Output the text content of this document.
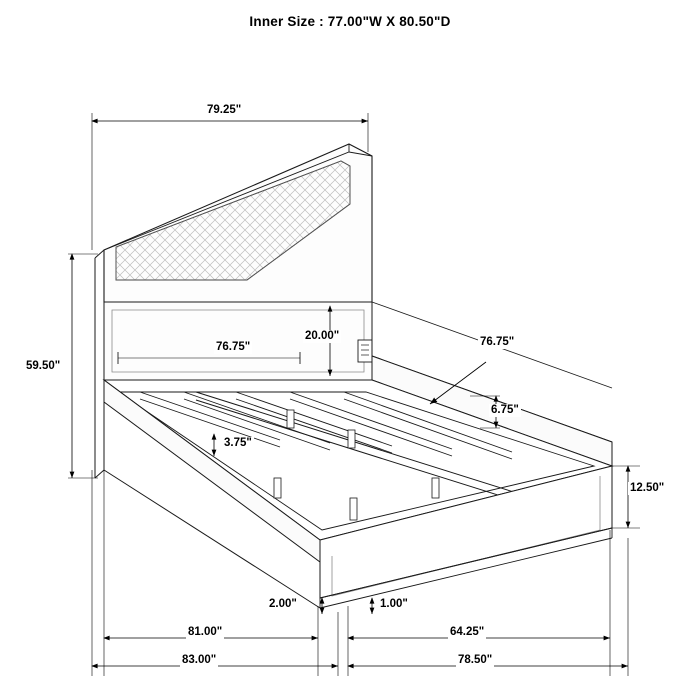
Inner Size : 77.00"W X 80.50"D
79.25"
59.50"
20.00"
76.75"	76.75"
6.75"
3.75"
12.50"
2.00"	1.00"
81.00"	64.25"
83.00"	78.50"
